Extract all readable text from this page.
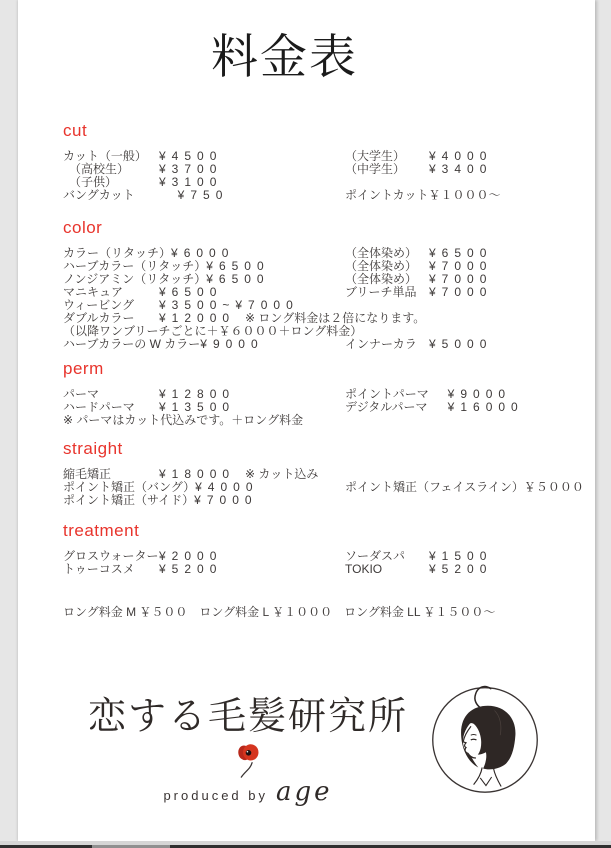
料金表
cut
カット（一般） ¥4500	（大学生） ¥4000
　（高校生） ¥3700	（中学生） ¥3400
　（子供）	¥3100
バングカット  ¥750	ポイントカット￥１０００～
color
カラー（リタッチ）¥6000	（全体染め） ¥6500
ハーブカラー（リタッチ）¥6500	（全体染め） ¥7000
ノンジアミン（リタッチ）¥6500	（全体染め） ¥7000
マニキュア	¥6500	ブリーチ単品 ¥7000
ウィービング ¥3500~¥7000
ダブルカラー ¥12000 ※ ロング料金は２倍になります。
（以降ワンブリーチごとに＋￥６０００＋ロング料金）
ハーブカラーの W カラー¥9000	インナーカラ ¥5000
perm
パーマ	¥12800	ポイントパーマ  ¥9000
ハードパーマ ¥13500	デジタルパーマ  ¥16000
※ パーマはカット代込みです。＋ロング料金
straight
縮毛矯正	¥18000 ※ カット込み
ポイント矯正（バング）¥4000	ポイント矯正（フェイスライン）￥５０００
ポイント矯正（サイド）¥7000
treatment
グロスウォーター¥2000	ソーダスパ ¥1500
トゥーコスメ ¥5200	TOKIO	¥5200
ロング料金 M ￥５００　ロング料金 L ￥１０００　ロング料金 LL ￥１５００～
恋する毛髪研究所
produced by age
